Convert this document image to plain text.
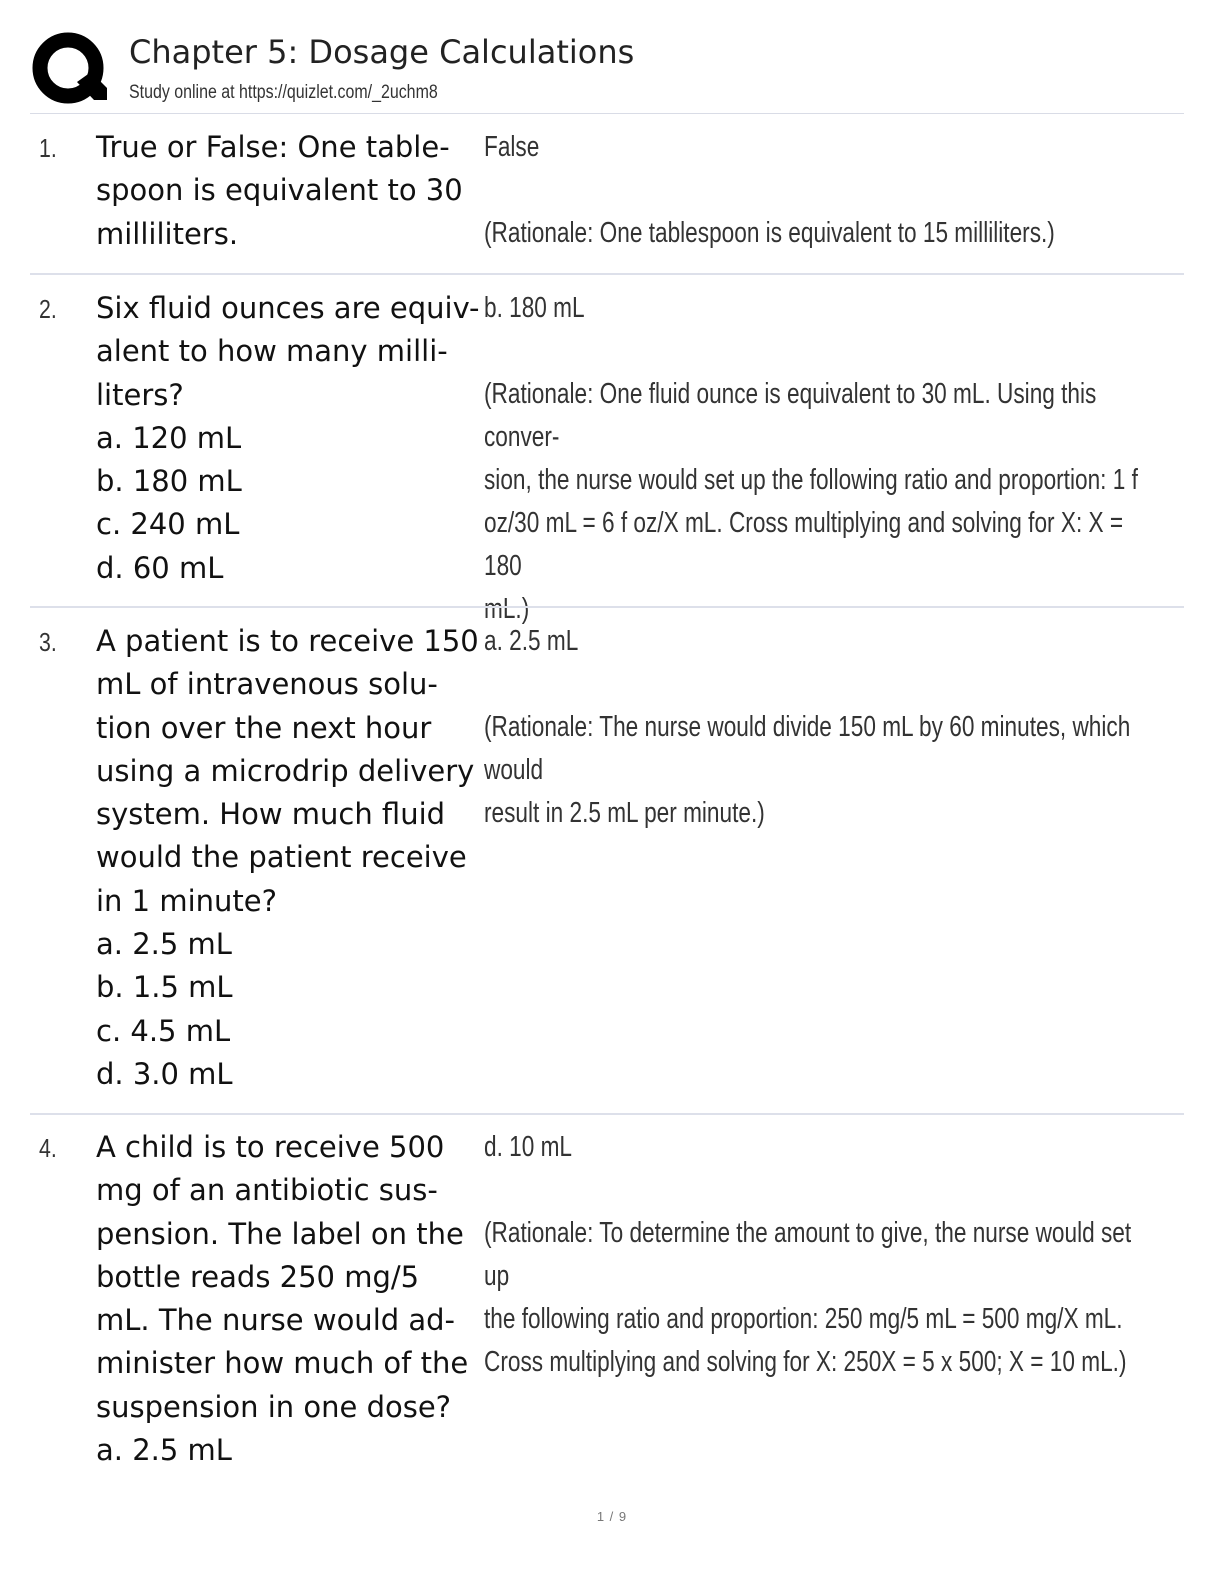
Chapter 5: Dosage Calculations
Study online at https://quizlet.com/_2uchm8
1. True or False: One table-
spoon is equivalent to 30
milliliters.
False

(Rationale: One tablespoon is equivalent to 15 milliliters.)
2. Six fluid ounces are equiv-
alent to how many milli-
liters?
a. 120 mL
b. 180 mL
c. 240 mL
d. 60 mL
b. 180 mL

(Rationale: One fluid ounce is equivalent to 30 mL. Using this conver-
sion, the nurse would set up the following ratio and proportion: 1 f
oz/30 mL = 6 f oz/X mL. Cross multiplying and solving for X: X = 180
mL.)
3. A patient is to receive 150
mL of intravenous solu-
tion over the next hour
using a microdrip delivery
system. How much fluid
would the patient receive
in 1 minute?
a. 2.5 mL
b. 1.5 mL
c. 4.5 mL
d. 3.0 mL
a. 2.5 mL

(Rationale: The nurse would divide 150 mL by 60 minutes, which would
result in 2.5 mL per minute.)
4. A child is to receive 500
mg of an antibiotic sus-
pension. The label on the
bottle reads 250 mg/5
mL. The nurse would ad-
minister how much of the
suspension in one dose?
a. 2.5 mL
d. 10 mL

(Rationale: To determine the amount to give, the nurse would set up
the following ratio and proportion: 250 mg/5 mL = 500 mg/X mL.
Cross multiplying and solving for X: 250X = 5 x 500; X = 10 mL.)
1 / 9
